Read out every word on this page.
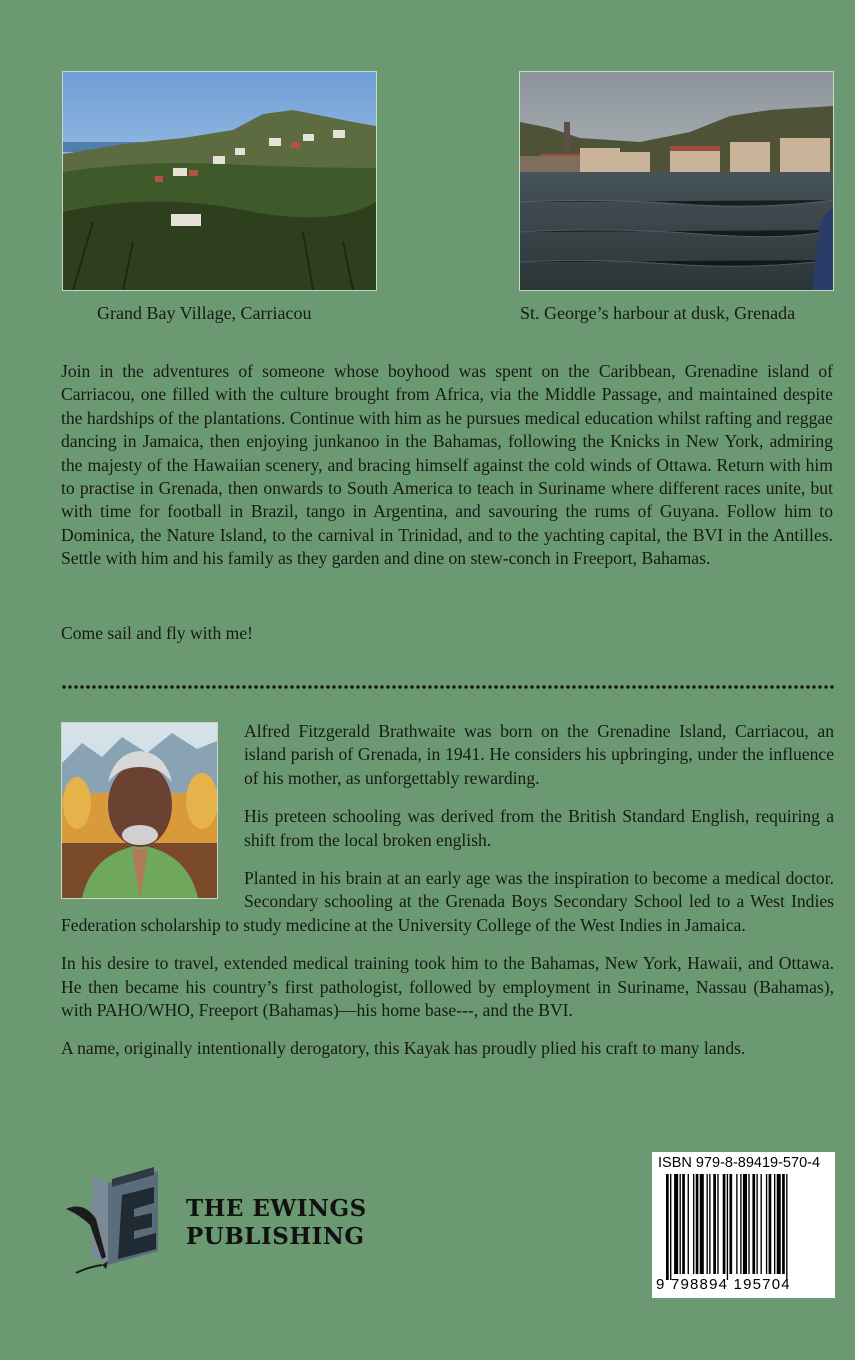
Grand Bay Village, Carriacou	St. George’s harbour at dusk, Grenada

Join in the adventures of someone whose boyhood was spent on the Caribbean, Grenadine island of Carriacou, one filled with the culture brought from Africa, via the Middle Passage, and maintained despite the hardships of the plantations. Continue with him as he pursues medical education whilst rafting and reggae dancing in Jamaica, then enjoying junkanoo in the Bahamas, following the Knicks in New York, admiring the majesty of the Hawaiian scenery, and bracing himself against the cold winds of Ottawa. Return with him to practise in Grenada, then onwards to South America to teach in Suriname where different races unite, but with time for football in Brazil, tango in Argentina, and savouring the rums of Guyana. Follow him to Dominica, the Nature Island, to the carnival in Trinidad, and to the yachting capital, the BVI in the Antilles. Settle with him and his family as they garden and dine on stew-conch in Freeport, Bahamas.

Come sail and fly with me!

Alfred Fitzgerald Brathwaite was born on the Grenadine Island, Carriacou, an island parish of Grenada, in 1941. He considers his upbringing, under the influence of his mother, as unforgettably rewarding.

His preteen schooling was derived from the British Standard English, requiring a shift from the local broken english.

Planted in his brain at an early age was the inspiration to become a medical doctor. Secondary schooling at the Grenada Boys Secondary School led to a West Indies Federation scholarship to study medicine at the University College of the West Indies in Jamaica.

In his desire to travel, extended medical training took him to the Bahamas, New York, Hawaii, and Ottawa. He then became his country’s first pathologist, followed by employment in Suriname, Nassau (Bahamas), with PAHO/WHO, Freeport (Bahamas)—his home base---, and the BVI.

A name, originally intentionally derogatory, this Kayak has proudly plied his craft to many lands.

THE EWINGS
PUBLISHING
ISBN 979-8-89419-570-4
9 798894 195704
